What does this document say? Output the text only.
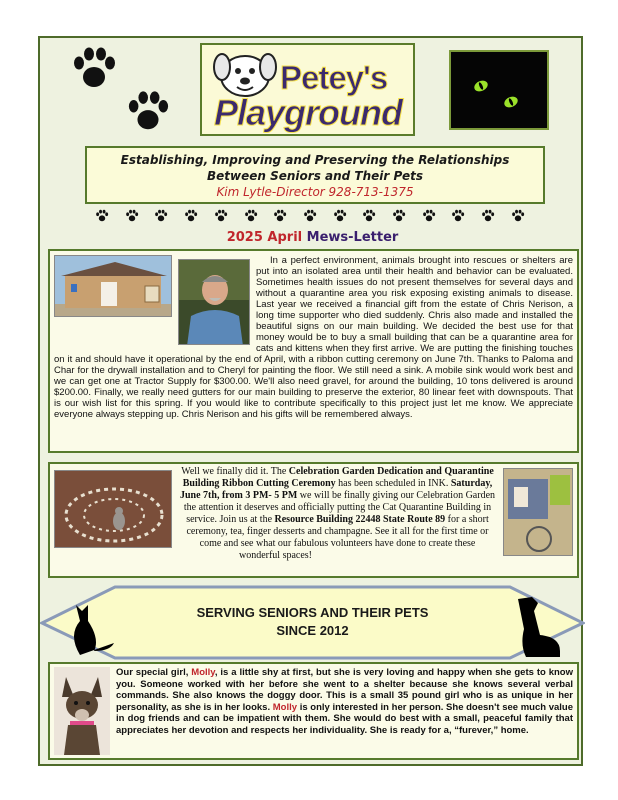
Petey's
Playground
Establishing, Improving and Preserving the Relationships
Between Seniors and Their Pets
Kim Lytle-Director 928-713-1375
2025 April Mews-Letter
In a perfect environment, animals brought into rescues or shelters are put into an isolated area until their health and behavior can be evaluated. Sometimes health issues do not present themselves for several days and without a quarantine area you risk exposing existing animals to disease. Last year we received a financial gift from the estate of Chris Nerison, a long time supporter who died suddenly. Chris also made and installed the beautiful signs on our main building. We decided the best use for that money would be to buy a small building that can be a quarantine area for cats and kittens when they first arrive. We are putting the finishing touches on it and should have it operational by the end of April, with a ribbon cutting ceremony on June 7th. Thanks to Paloma and Char for the drywall installation and to Cheryl for painting the floor. We still need a sink. A mobile sink would work best and we can get one at Tractor Supply for $300.00. We'll also need gravel, for around the building, 10 tons delivered is around $200.00. Finally, we really need gutters for our main building to preserve the exterior, 80 linear feet with downspouts. That is our wish list for this spring. If you would like to contribute specifically to this project just let me know. We appreciate everyone always stepping up. Chris Nerison and his gifts will be remembered always.
Well we finally did it. The Celebration Garden Dedication and Quarantine Building Ribbon Cutting Ceremony has been scheduled in INK. Saturday, June 7th, from 3 PM- 5 PM we will be finally giving our Celebration Garden the attention it deserves and officially putting the Cat Quarantine Building in service. Join us at the Resource Building 22448 State Route 89 for a short ceremony, tea, finger desserts and champagne. See it all for the first time or come and see what our fabulous volunteers have done to create these wonderful spaces!
SERVING SENIORS AND THEIR PETS
SINCE 2012
Our special girl, Molly, is a little shy at first, but she is very loving and happy when she gets to know you. Someone worked with her before she went to a shelter because she knows several verbal commands. She also knows the doggy door. This is a small 35 pound girl who is as unique in her personality, as she is in her looks. Molly is only interested in her person. She doesn't see much value in dog friends and can be impatient with them. She would do best with a small, peaceful family that appreciates her devotion and respects her individuality. She is ready for a, “furever,” home.
